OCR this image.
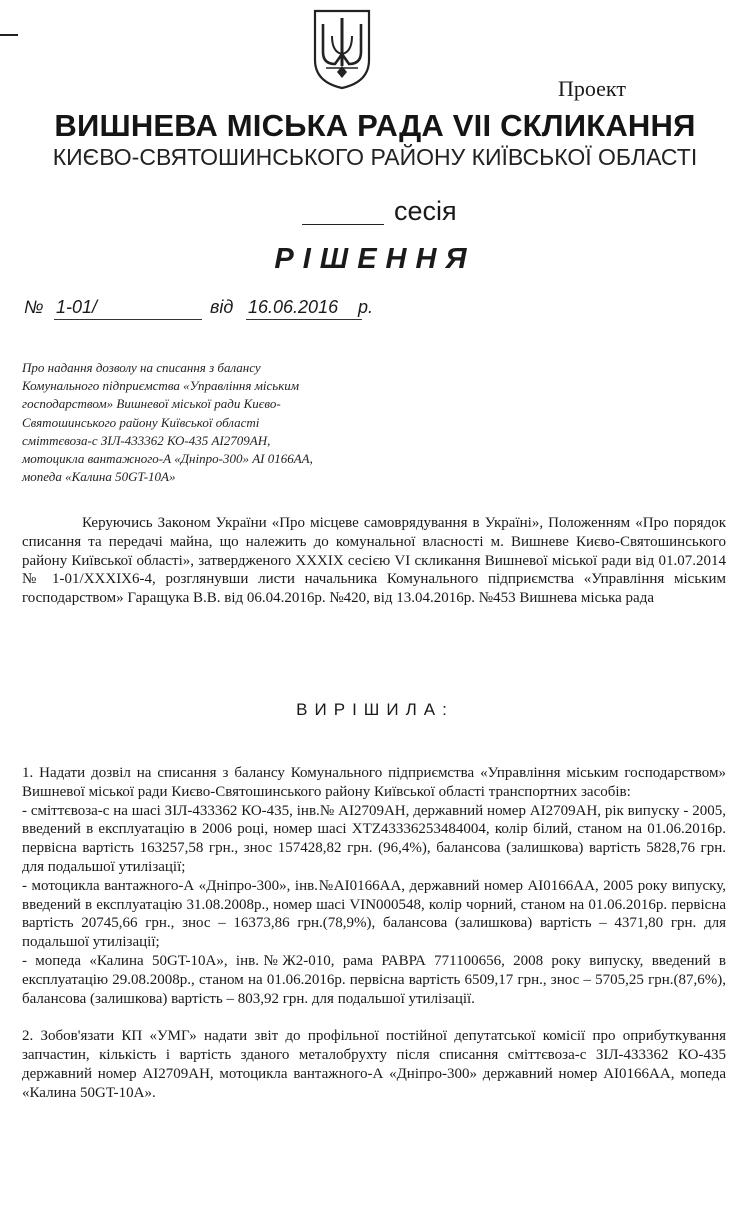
Проект
ВИШНЕВА МІСЬКА РАДА VII СКЛИКАННЯ
КИЄВО-СВЯТОШИНСЬКОГО РАЙОНУ КИЇВСЬКОЇ ОБЛАСТІ
сесія
РІШЕННЯ
№ 1-01/	від 16.06.2016 р.
Про надання дозволу на списання з балансу
Комунального підприємства «Управління міським
господарством» Вишневої міської ради Києво-
Святошинського району Київської області
сміттєвоза-с ЗІЛ-433362 КО-435 АІ2709АН,
мотоцикла вантажного-А «Дніпро-300» АІ 0166АА,
мопеда «Калина 50GT-10А»

Керуючись Законом України «Про місцеве самоврядування в Україні», Положенням «Про порядок списання та передачі майна, що належить до комунальної власності м. Вишневе Києво-Святошинського району Київської області», затвердженого XXXIX сесією VI скликання Вишневої міської ради від 01.07.2014 № 1-01/XXXIX6-4, розглянувши листи начальника Комунального підприємства «Управління міським господарством» Гаращука В.В. від 06.04.2016р. №420, від 13.04.2016р. №453 Вишнева міська рада

ВИРІШИЛА:

1. Надати дозвіл на списання з балансу Комунального підприємства «Управління міським господарством» Вишневої міської ради Києво-Святошинського району Київської області транспортних засобів:

- сміттєвоза-с на шасі ЗІЛ-433362 КО-435, інв.№ АІ2709АН, державний номер АІ2709АН, рік випуску - 2005, введений в експлуатацію в 2006 році, номер шасі XTZ43336253484004, колір білий, станом на 01.06.2016р. первісна вартість 163257,58 грн., знос 157428,82 грн. (96,4%), балансова (залишкова) вартість 5828,76 грн. для подальшої утилізації;

- мотоцикла вантажного-А «Дніпро-300», інв.№АІ0166АА, державний номер АІ0166АА, 2005 року випуску, введений в експлуатацію 31.08.2008р., номер шасі VIN000548, колір чорний, станом на 01.06.2016р. первісна вартість 20745,66 грн., знос – 16373,86 грн.(78,9%), балансова (залишкова) вартість – 4371,80 грн. для подальшої утилізації;

- мопеда «Калина 50GT-10А», інв.№Ж2-010, рама РАВРА 771100656, 2008 року випуску, введений в експлуатацію 29.08.2008р., станом на 01.06.2016р. первісна вартість 6509,17 грн., знос – 5705,25 грн.(87,6%), балансова (залишкова) вартість – 803,92 грн. для подальшої утилізації.

2. Зобов'язати КП «УМГ» надати звіт до профільної постійної депутатської комісії про оприбуткування запчастин, кількість і вартість зданого металобрухту після списання сміттєвоза-с ЗІЛ-433362 КО-435 державний номер АІ2709АН, мотоцикла вантажного-А «Дніпро-300» державний номер АІ0166АА, мопеда «Калина 50GT-10А».
